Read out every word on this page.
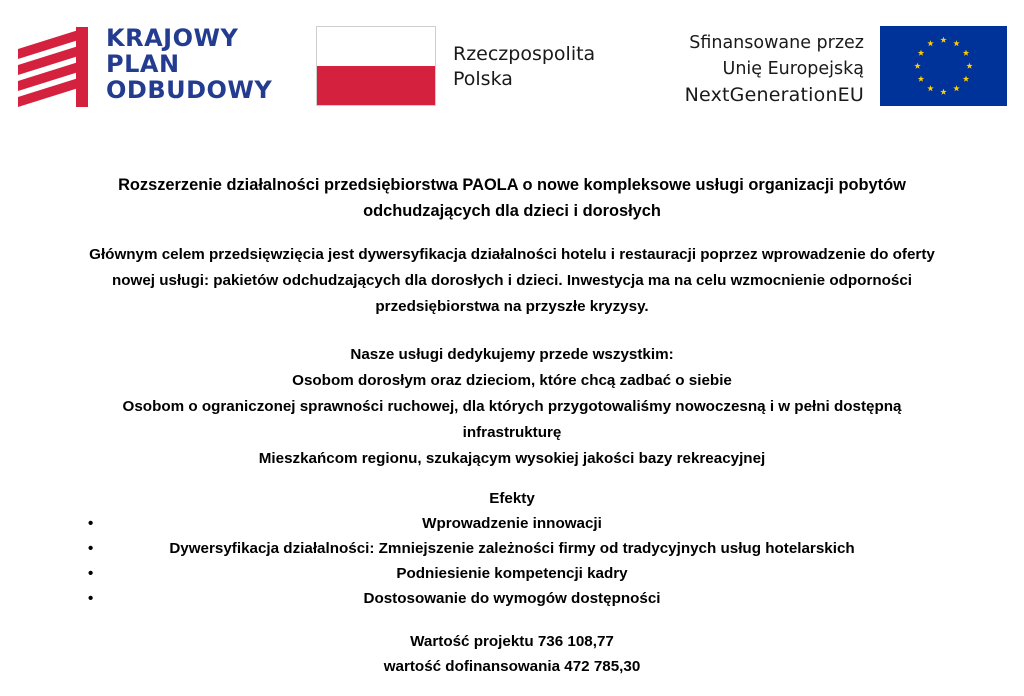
KRAJOWY
PLAN
ODBUDOWY
Rzeczpospolita
Polska
Sfinansowane przez
Unię Europejską
NextGenerationEU
Rozszerzenie działalności przedsiębiorstwa PAOLA o nowe kompleksowe usługi organizacji pobytów
odchudzających dla dzieci i dorosłych
Głównym celem przedsięwzięcia jest dywersyfikacja działalności hotelu i restauracji poprzez wprowadzenie do oferty
nowej usługi: pakietów odchudzających dla dorosłych i dzieci. Inwestycja ma na celu wzmocnienie odporności
przedsiębiorstwa na przyszłe kryzysy.
Nasze usługi dedykujemy przede wszystkim:
Osobom dorosłym oraz dzieciom, które chcą zadbać o siebie
Osobom o ograniczonej sprawności ruchowej, dla których przygotowaliśmy nowoczesną i w pełni dostępną
infrastrukturę
Mieszkańcom regionu, szukającym wysokiej jakości bazy rekreacyjnej
Efekty
•	Wprowadzenie innowacji
•	Dywersyfikacja działalności: Zmniejszenie zależności firmy od tradycyjnych usług hotelarskich
•	Podniesienie kompetencji kadry
•	Dostosowanie do wymogów dostępności
Wartość projektu 736 108,77
wartość dofinansowania 472 785,30
